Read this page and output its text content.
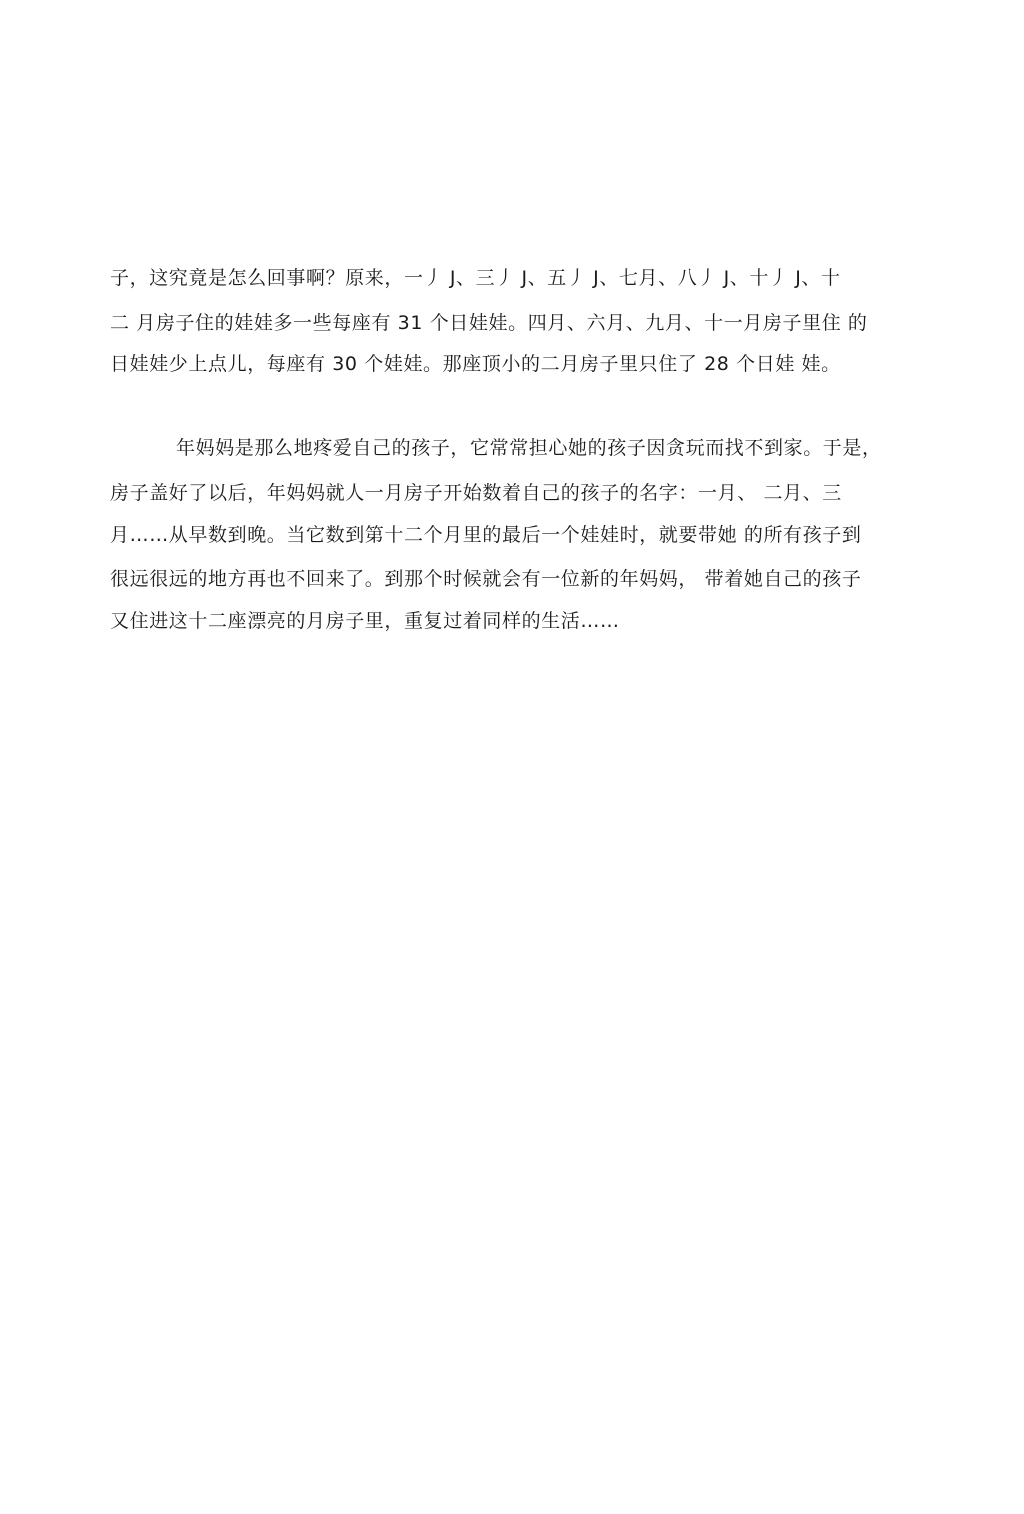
子，这究竟是怎么回事啊？原来，一丿 J、三丿 J、五丿 J、七月、八丿 J、十丿 J、十
二 月房子住的娃娃多一些每座有 31 个日娃娃。四月、六月、九月、十一月房子里住 的
日娃娃少上点儿，每座有 30 个娃娃。那座顶小的二月房子里只住了 28 个日娃 娃。
年妈妈是那么地疼爱自己的孩子，它常常担心她的孩子因贪玩而找不到家。于是，
房子盖好了以后，年妈妈就人一月房子开始数着自己的孩子的名字：一月、 二月、三
月……从早数到晚。当它数到第十二个月里的最后一个娃娃时，就要带她 的所有孩子到
很远很远的地方再也不回来了。到那个时候就会有一位新的年妈妈， 带着她自己的孩子
又住进这十二座漂亮的月房子里，重复过着同样的生活……
